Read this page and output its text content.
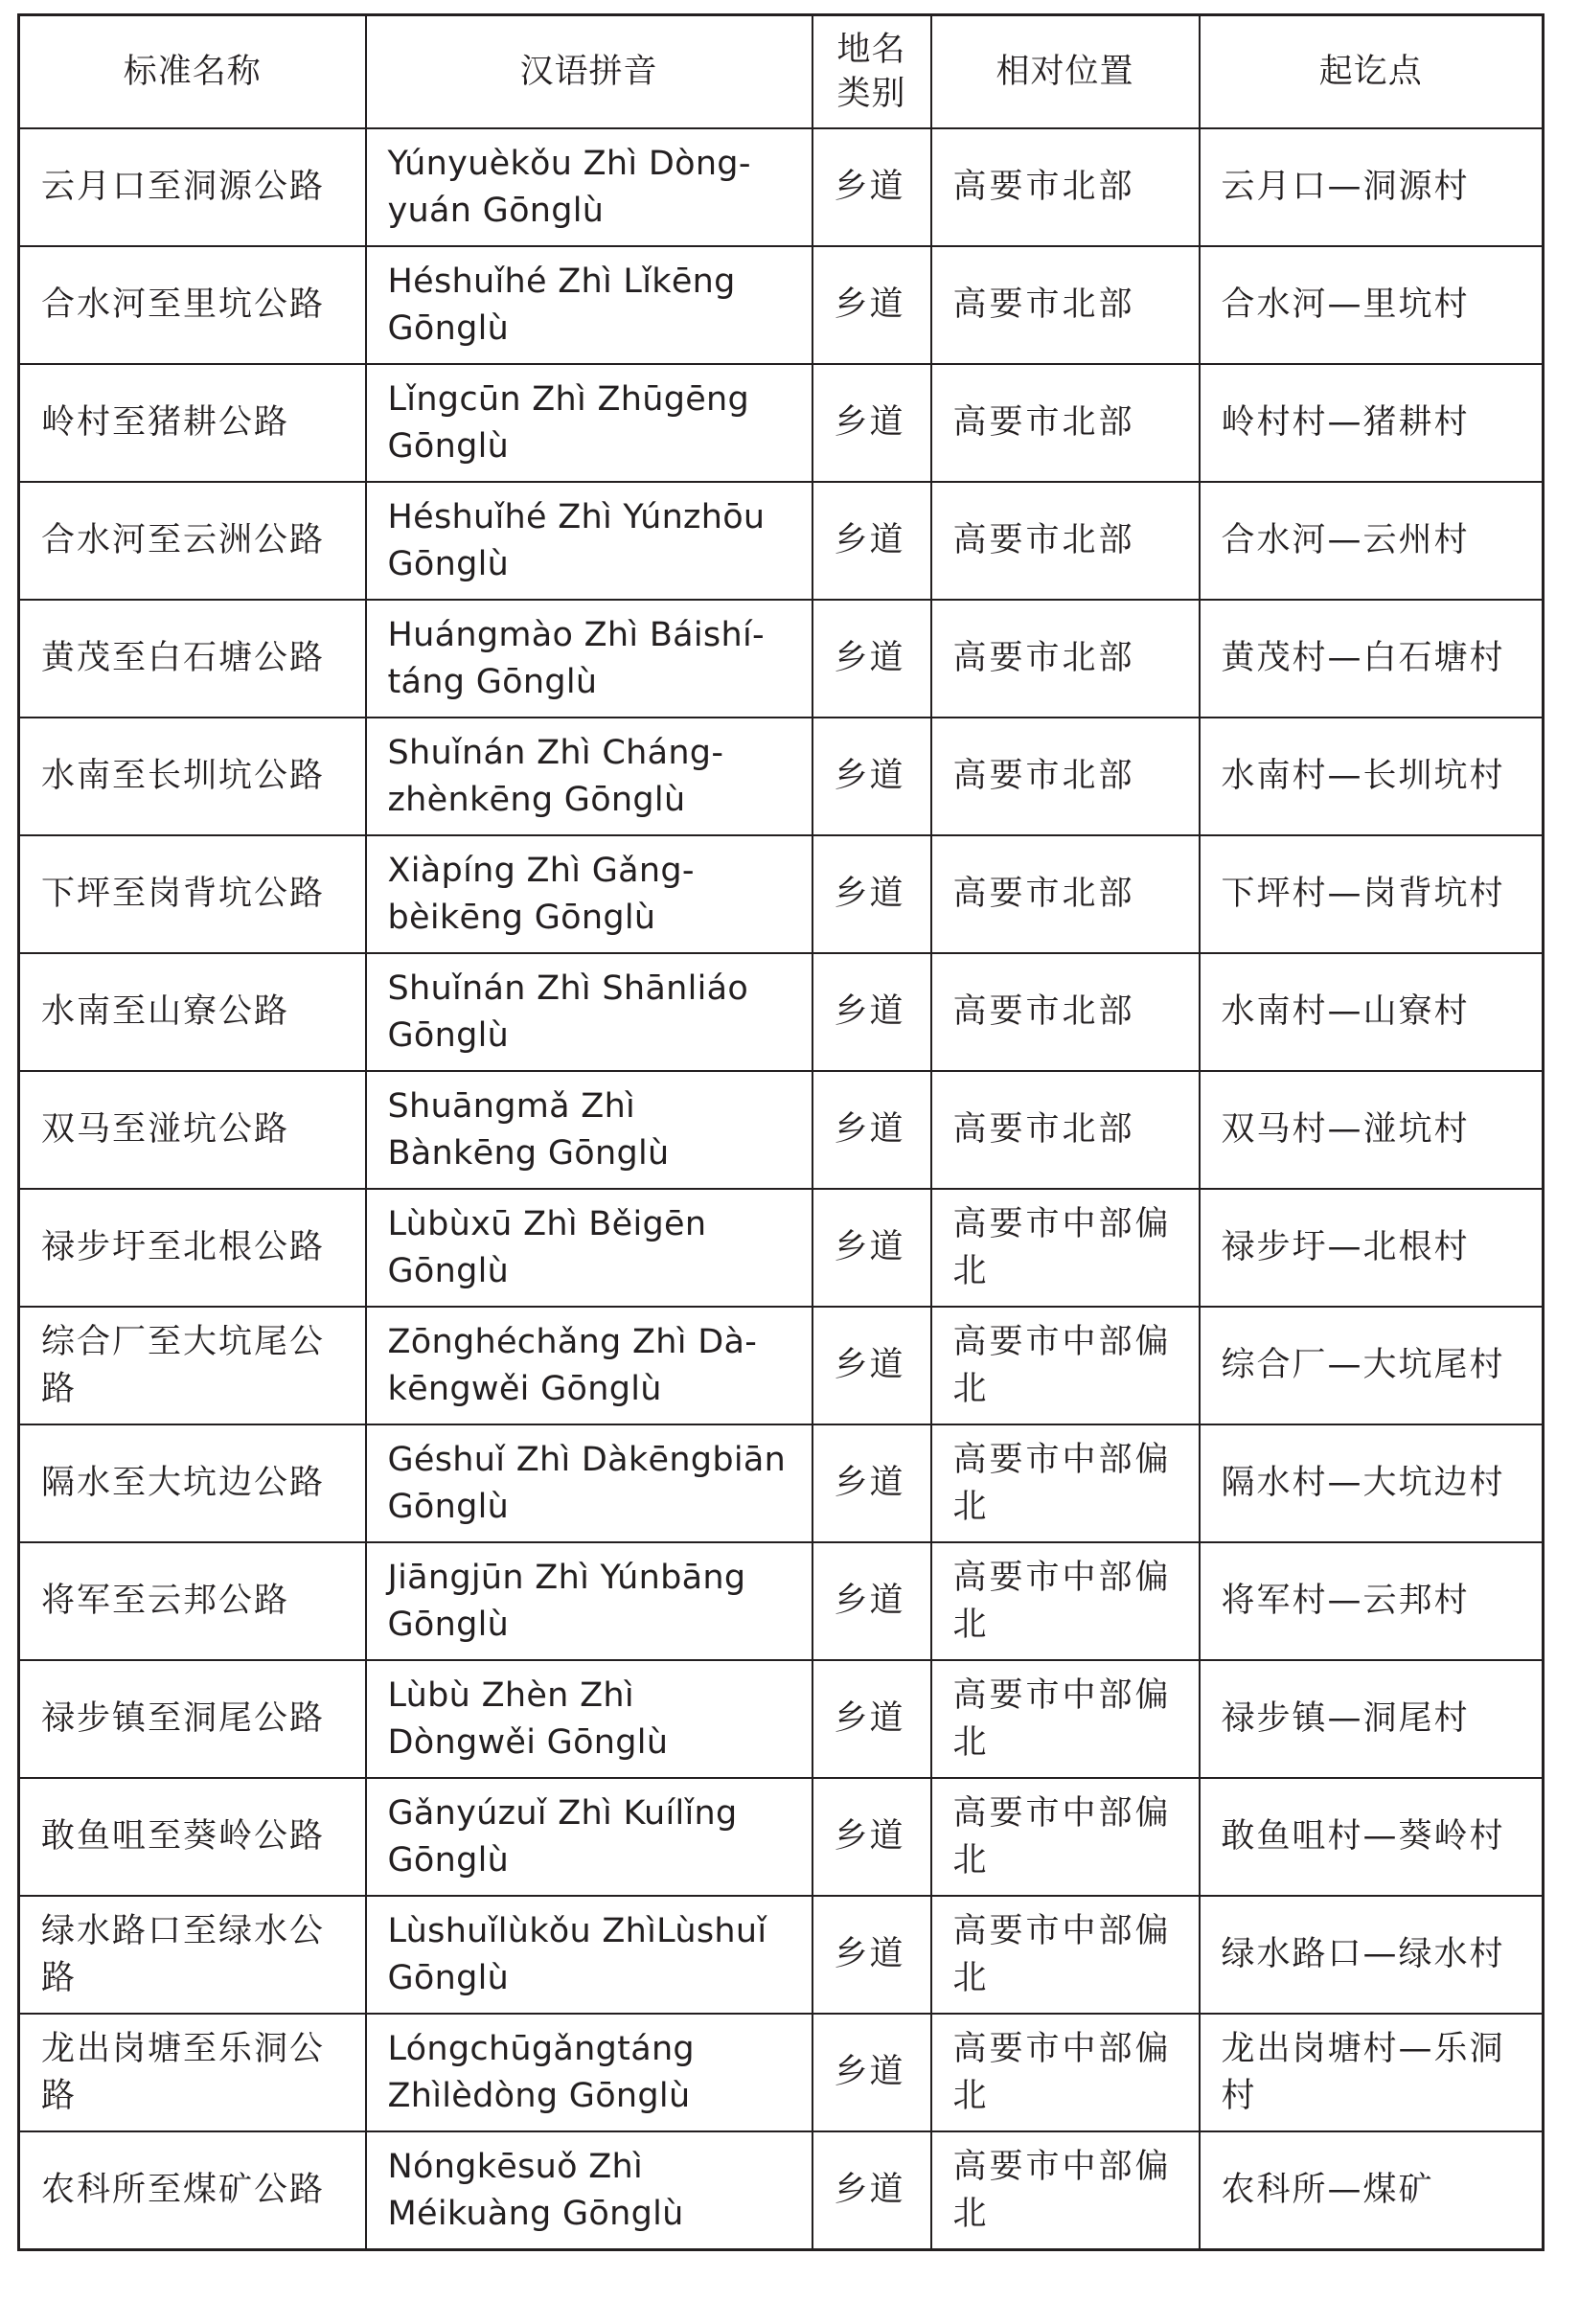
标准名称	汉语拼音	地名类别	相对位置	起讫点
云月口至洞源公路	Yúnyuèkǒu Zhì Dòng-yuán Gōnglù	乡道	高要市北部	云月口—洞源村
合水河至里坑公路	Héshuǐhé Zhì Lǐkēng Gōnglù	乡道	高要市北部	合水河—里坑村
岭村至猪耕公路	Lǐngcūn Zhì Zhūgēng Gōnglù	乡道	高要市北部	岭村村—猪耕村
合水河至云洲公路	Héshuǐhé Zhì Yúnzhōu Gōnglù	乡道	高要市北部	合水河—云州村
黄茂至白石塘公路	Huángmào Zhì Báishí-táng Gōnglù	乡道	高要市北部	黄茂村—白石塘村
水南至长圳坑公路	Shuǐnán Zhì Cháng-zhènkēng Gōnglù	乡道	高要市北部	水南村—长圳坑村
下坪至岗背坑公路	Xiàpíng Zhì Gǎng-bèikēng Gōnglù	乡道	高要市北部	下坪村—岗背坑村
水南至山寮公路	Shuǐnán Zhì Shānliáo Gōnglù	乡道	高要市北部	水南村—山寮村
双马至湴坑公路	Shuāngmǎ Zhì Bànkēng Gōnglù	乡道	高要市北部	双马村—湴坑村
禄步圩至北根公路	Lùbùxū Zhì Běigēn Gōnglù	乡道	高要市中部偏北	禄步圩—北根村
综合厂至大坑尾公路	Zōnghéchǎng Zhì Dà-kēngwěi Gōnglù	乡道	高要市中部偏北	综合厂—大坑尾村
隔水至大坑边公路	Géshuǐ Zhì Dàkēngbiān Gōnglù	乡道	高要市中部偏北	隔水村—大坑边村
将军至云邦公路	Jiāngjūn Zhì Yúnbāng Gōnglù	乡道	高要市中部偏北	将军村—云邦村
禄步镇至洞尾公路	Lùbù Zhèn Zhì Dòngwěi Gōnglù	乡道	高要市中部偏北	禄步镇—洞尾村
敢鱼咀至葵岭公路	Gǎnyúzuǐ Zhì Kuílǐng Gōnglù	乡道	高要市中部偏北	敢鱼咀村—葵岭村
绿水路口至绿水公路	Lùshuǐlùkǒu ZhìLùshuǐ Gōnglù	乡道	高要市中部偏北	绿水路口—绿水村
龙出岗塘至乐洞公路	Lóngchūgǎngtáng Zhìlèdòng Gōnglù	乡道	高要市中部偏北	龙出岗塘村—乐洞村
农科所至煤矿公路	Nóngkēsuǒ Zhì Méikuàng Gōnglù	乡道	高要市中部偏北	农科所—煤矿
